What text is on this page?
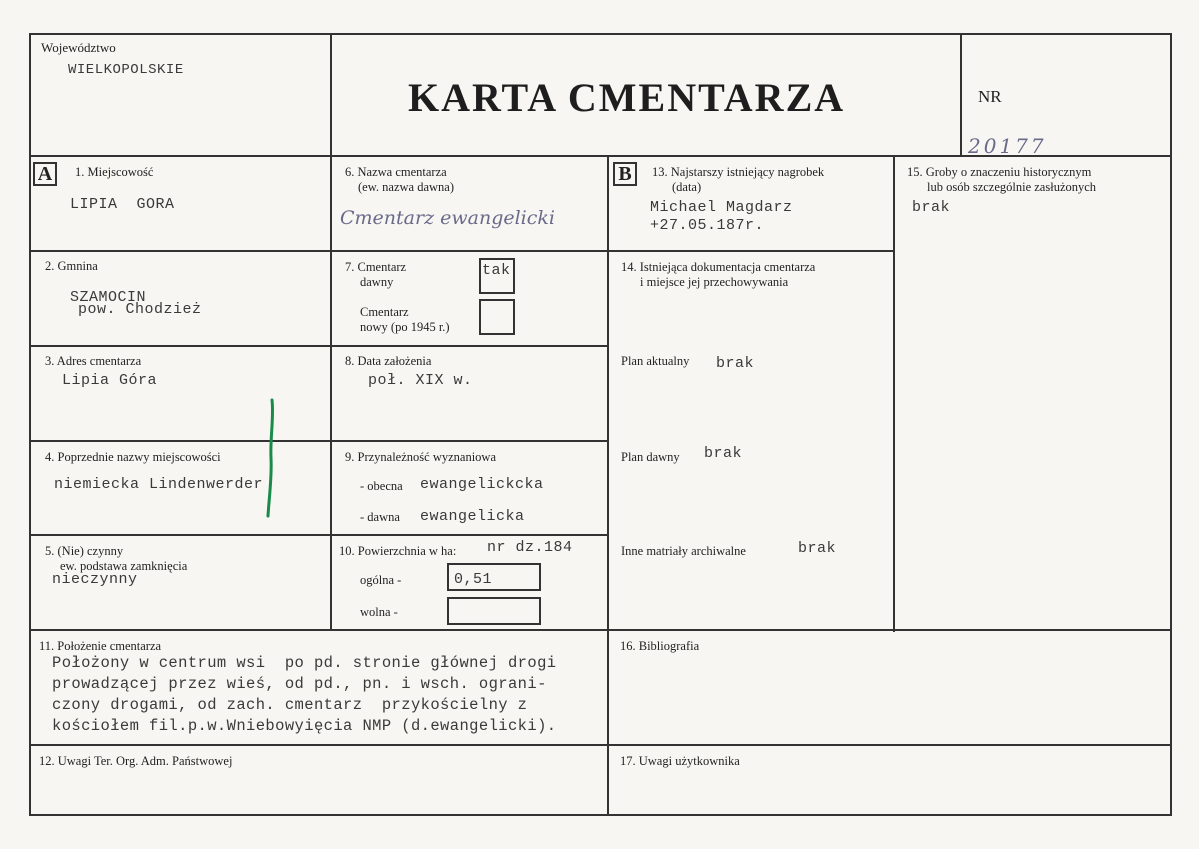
Województwo
WIELKOPOLSKIE
KARTA CMENTARZA	NR
20177
A	1. Miejscowość
LIPIA  GORA
6. Nazwa cmentarza
(ew. nazwa dawna)
Cmentarz ewangelicki
B	13. Najstarszy istniejący nagrobek
(data)
Michael Magdarz
+27.05.187r.
15. Groby o znaczeniu historycznym
lub osób szczególnie zasłużonych
brak
2. Gmnina
SZAMOCIN
pow. Chodzież
7. Cmentarz
dawny
tak
Cmentarz
nowy (po 1945 r.)
14. Istniejąca dokumentacja cmentarza
i miejsce jej przechowywania
Plan aktualny brak
Plan dawny brak
Inne matriały archiwalne	brak
3. Adres cmentarza
Lipia Góra
8. Data założenia
poł. XIX w.
4. Poprzednie nazwy miejscowości
niemiecka Lindenwerder
9. Przynależność wyznaniowa
- obecna ewangelickcka
- dawna ewangelicka
5. (Nie) czynny
ew. podstawa zamknięcia
nieczynny
10. Powierzchnia w ha: nr dz.184
ogólna -	0,51
wolna -
11. Położenie cmentarza
Położony w centrum wsi  po pd. stronie głównej drogi
prowadzącej przez wieś, od pd., pn. i wsch. ograni-
czony drogami, od zach. cmentarz  przykościelny z
kościołem fil.p.w.Wniebowyięcia NMP (d.ewangelicki).
16. Bibliografia
12. Uwagi Ter. Org. Adm. Państwowej	17. Uwagi użytkownika
